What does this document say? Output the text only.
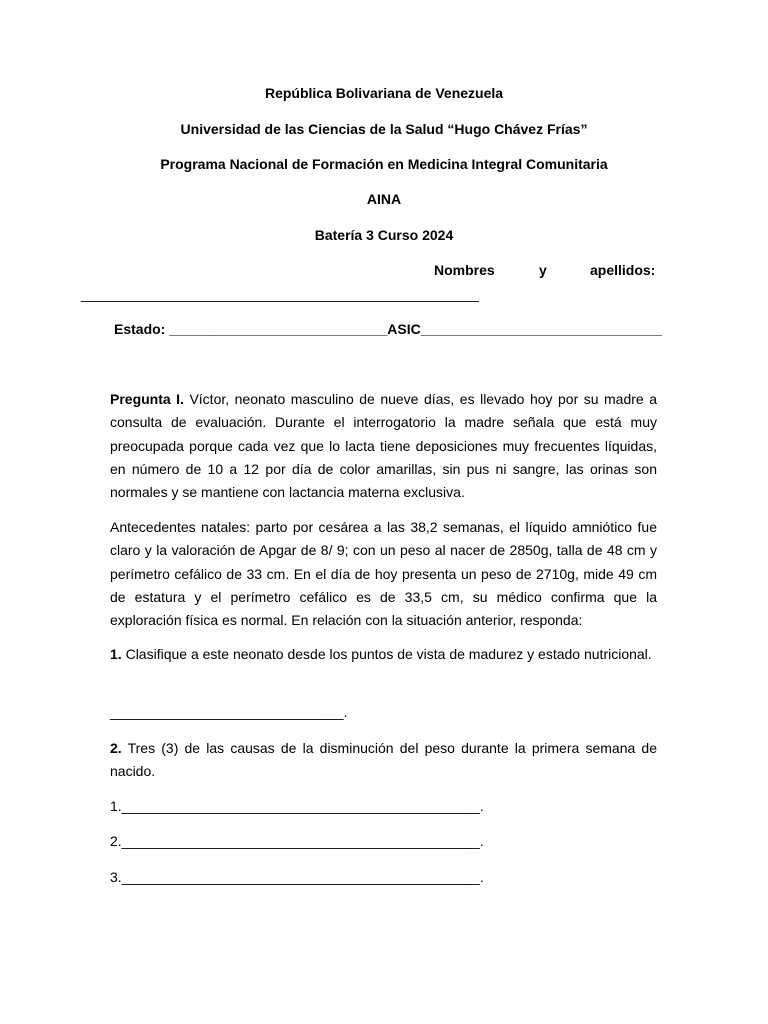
República Bolivariana de Venezuela
Universidad de las Ciencias de la Salud “Hugo Chávez Frías”
Programa Nacional de Formación en Medicina Integral Comunitaria
AINA
Batería 3 Curso 2024
Nombres	y	apellidos:
_____________________________________________________
Estado: ____________________________ASIC_______________________________

Pregunta I. Víctor, neonato masculino de nueve días, es llevado hoy por su madre a consulta de evaluación. Durante el interrogatorio la madre señala que está muy preocupada porque cada vez que lo lacta tiene deposiciones muy frecuentes líquidas, en número de 10 a 12 por día de color amarillas, sin pus ni sangre, las orinas son normales y se mantiene con lactancia materna exclusiva.

Antecedentes natales: parto por cesárea a las 38,2 semanas, el líquido amniótico fue claro y la valoración de Apgar de 8/ 9; con un peso al nacer de 2850g, talla de 48 cm y perímetro cefálico de 33 cm. En el día de hoy presenta un peso de 2710g, mide 49 cm de estatura y el perímetro cefálico es de 33,5 cm, su médico confirma que la exploración física es normal. En relación con la situación anterior, responda:

1. Clasifique a este neonato desde los puntos de vista de madurez y estado nutricional.

______________________________.

2. Tres (3) de las causas de la disminución del peso durante la primera semana de nacido.

1.______________________________________________.
2.______________________________________________.
3.______________________________________________.
